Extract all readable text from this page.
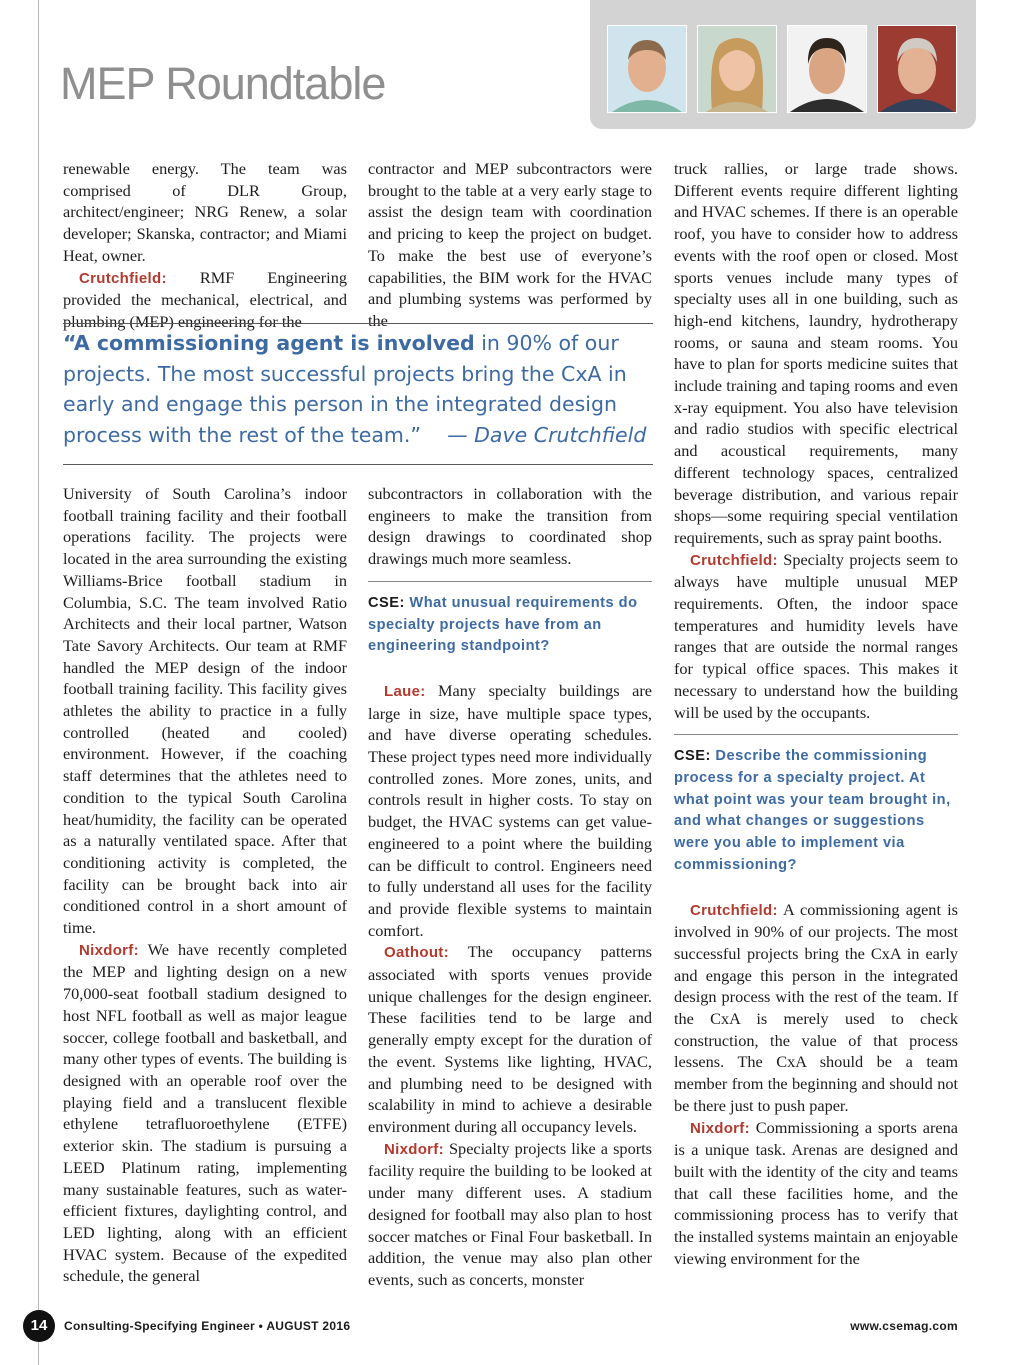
MEP Roundtable

renewable energy. The team was comprised of DLR Group, architect/engineer; NRG Renew, a solar developer; Skanska, contractor; and Miami Heat, owner.

Crutchfield: RMF Engineering provided the mechanical, electrical, and plumbing (MEP) engineering for the

contractor and MEP subcontractors were brought to the table at a very early stage to assist the design team with coordination and pricing to keep the project on budget. To make the best use of everyone’s capabilities, the BIM work for the HVAC and plumbing systems was performed by the

“A commissioning agent is involved in 90% of our projects. The most successful projects bring the CxA in early and engage this person in the integrated design process with the rest of the team.” — Dave Crutchfield

University of South Carolina’s indoor football training facility and their football operations facility. The projects were located in the area surrounding the existing Williams-Brice football stadium in Columbia, S.C. The team involved Ratio Architects and their local partner, Watson Tate Savory Architects. Our team at RMF handled the MEP design of the indoor football training facility. This facility gives athletes the ability to practice in a fully controlled (heated and cooled) environment. However, if the coaching staff determines that the athletes need to condition to the typical South Carolina heat/humidity, the facility can be operated as a naturally ventilated space. After that conditioning activity is completed, the facility can be brought back into air conditioned control in a short amount of time.

Nixdorf: We have recently completed the MEP and lighting design on a new 70,000-seat football stadium designed to host NFL football as well as major league soccer, college football and basketball, and many other types of events. The building is designed with an operable roof over the playing field and a translucent flexible ethylene tetrafluoroethylene (ETFE) exterior skin. The stadium is pursuing a LEED Platinum rating, implementing many sustainable features, such as water-efficient fixtures, daylighting control, and LED lighting, along with an efficient HVAC system. Because of the expedited schedule, the general

subcontractors in collaboration with the engineers to make the transition from design drawings to coordinated shop drawings much more seamless.

CSE: What unusual requirements do specialty projects have from an engineering standpoint?

Laue: Many specialty buildings are large in size, have multiple space types, and have diverse operating schedules. These project types need more individually controlled zones. More zones, units, and controls result in higher costs. To stay on budget, the HVAC systems can get value-engineered to a point where the building can be difficult to control. Engineers need to fully understand all uses for the facility and provide flexible systems to maintain comfort.

Oathout: The occupancy patterns associated with sports venues provide unique challenges for the design engineer. These facilities tend to be large and generally empty except for the duration of the event. Systems like lighting, HVAC, and plumbing need to be designed with scalability in mind to achieve a desirable environment during all occupancy levels.

Nixdorf: Specialty projects like a sports facility require the building to be looked at under many different uses. A stadium designed for football may also plan to host soccer matches or Final Four basketball. In addition, the venue may also plan other events, such as concerts, monster

truck rallies, or large trade shows. Different events require different lighting and HVAC schemes. If there is an operable roof, you have to consider how to address events with the roof open or closed. Most sports venues include many types of specialty uses all in one building, such as high-end kitchens, laundry, hydrotherapy rooms, or sauna and steam rooms. You have to plan for sports medicine suites that include training and taping rooms and even x-ray equipment. You also have television and radio studios with specific electrical and acoustical requirements, many different technology spaces, centralized beverage distribution, and various repair shops—some requiring special ventilation requirements, such as spray paint booths.

Crutchfield: Specialty projects seem to always have multiple unusual MEP requirements. Often, the indoor space temperatures and humidity levels have ranges that are outside the normal ranges for typical office spaces. This makes it necessary to understand how the building will be used by the occupants.

CSE: Describe the commissioning process for a specialty project. At what point was your team brought in, and what changes or suggestions were you able to implement via commissioning?

Crutchfield: A commissioning agent is involved in 90% of our projects. The most successful projects bring the CxA in early and engage this person in the integrated design process with the rest of the team. If the CxA is merely used to check construction, the value of that process lessens. The CxA should be a team member from the beginning and should not be there just to push paper.

Nixdorf: Commissioning a sports arena is a unique task. Arenas are designed and built with the identity of the city and teams that call these facilities home, and the commissioning process has to verify that the installed systems maintain an enjoyable viewing environment for the

14	Consulting-Specifying Engineer • AUGUST 2016	www.csemag.com
